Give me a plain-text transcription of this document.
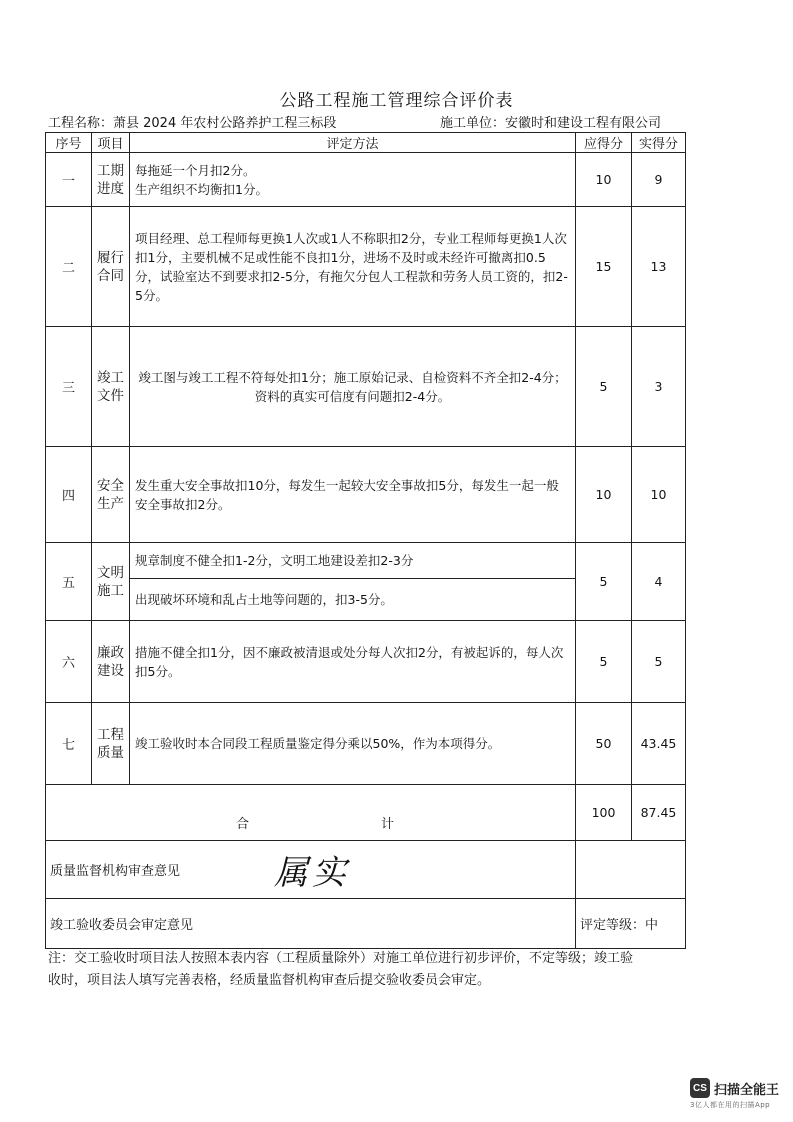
公路工程施工管理综合评价表
工程名称：萧县 2024 年农村公路养护工程三标段	施工单位：安徽时和建设工程有限公司
序号	项目	评定方法	应得分	实得分
一	工期
进度	每拖延一个月扣2分。
生产组织不均衡扣1分。	10	9
二	履行
合同	项目经理、总工程师每更换1人次或1人不称职扣2分，专业工程师每更换1人次扣1分，主要机械不足或性能不良扣1分，进场不及时或未经许可撤离扣0.5分，试验室达不到要求扣2-5分，有拖欠分包人工程款和劳务人员工资的，扣2-5分。	15	13
三	竣工
文件	竣工图与竣工工程不符每处扣1分；施工原始记录、自检资料不齐全扣2-4分；资料的真实可信度有问题扣2-4分。	5	3
四	安全
生产	发生重大安全事故扣10分，每发生一起较大安全事故扣5分，每发生一起一般安全事故扣2分。	10	10
五	文明
施工	规章制度不健全扣1-2分，文明工地建设差扣2-3分	5	4
		出现破坏环境和乱占土地等问题的，扣3-5分。		
六	廉政
建设	措施不健全扣1分，因不廉政被清退或处分每人次扣2分，有被起诉的，每人次扣5分。	5	5
七	工程
质量	竣工验收时本合同段工程质量鉴定得分乘以50%，作为本项得分。	50	43.45

合 计			100	87.45

质量监督机构审查意见 属实				

竣工验收委员会审定意见			评定等级：中	
注：交工验收时项目法人按照本表内容（工程质量除外）对施工单位进行初步评价，不定等级；竣工验收时，项目法人填写完善表格，经质量监督机构审查后提交验收委员会审定。
CS 扫描全能王
3亿人都在用的扫描App
